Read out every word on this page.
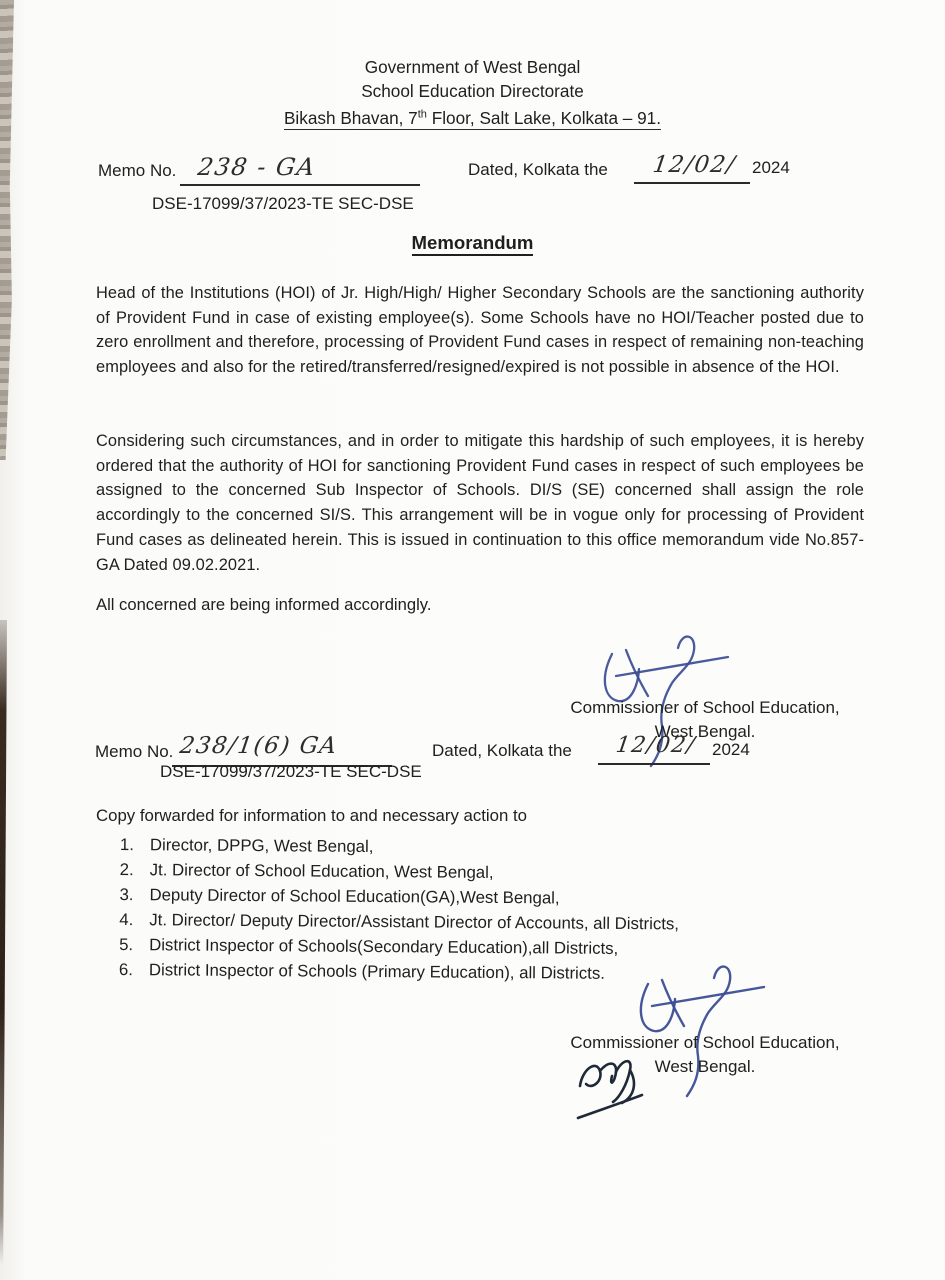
Government of West Bengal
School Education Directorate
Bikash Bhavan, 7th Floor, Salt Lake, Kolkata – 91.
Memo No. 238 - GA
DSE-17099/37/2023-TE SEC-DSE
Dated, Kolkata the 12/02/ 2024
Memorandum
Head of the Institutions (HOI) of Jr. High/High/ Higher Secondary Schools are the sanctioning authority of Provident Fund in case of existing employee(s). Some Schools have no HOI/Teacher posted due to zero enrollment and therefore, processing of Provident Fund cases in respect of remaining non-teaching employees and also for the retired/transferred/resigned/expired is not possible in absence of the HOI.
Considering such circumstances, and in order to mitigate this hardship of such employees, it is hereby ordered that the authority of HOI for sanctioning Provident Fund cases in respect of such employees be assigned to the concerned Sub Inspector of Schools. DI/S (SE) concerned shall assign the role accordingly to the concerned SI/S. This arrangement will be in vogue only for processing of Provident Fund cases as delineated herein. This is issued in continuation to this office memorandum vide No.857- GA Dated 09.02.2021.
All concerned are being informed accordingly.
Commissioner of School Education,
West Bengal.
Memo No. 238/1(6) GA
DSE-17099/37/2023-TE SEC-DSE
Dated, Kolkata the 12/02/ 2024
Copy forwarded for information to and necessary action to
1. Director, DPPG, West Bengal,
2. Jt. Director of School Education, West Bengal,
3. Deputy Director of School Education(GA),West Bengal,
4. Jt. Director/ Deputy Director/Assistant Director of Accounts, all Districts,
5. District Inspector of Schools(Secondary Education),all Districts,
6. District Inspector of Schools (Primary Education), all Districts.
Commissioner of School Education,
West Bengal.
